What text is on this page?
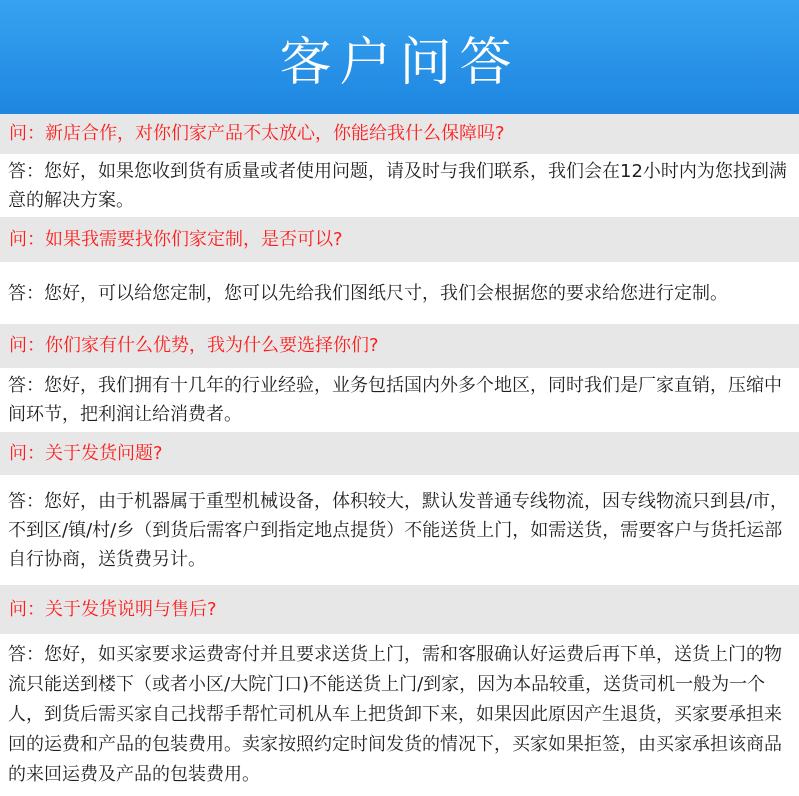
客户问答
问：新店合作，对你们家产品不太放心，你能给我什么保障吗?
答：您好，如果您收到货有质量或者使用问题，请及时与我们联系，我们会在12小时内为您找到满意的解决方案。
问：如果我需要找你们家定制，是否可以?
答：您好，可以给您定制，您可以先给我们图纸尺寸，我们会根据您的要求给您进行定制。
问：你们家有什么优势，我为什么要选择你们?
答：您好，我们拥有十几年的行业经验，业务包括国内外多个地区，同时我们是厂家直销，压缩中间环节，把利润让给消费者。
问：关于发货问题?
答：您好，由于机器属于重型机械设备，体积较大，默认发普通专线物流，因专线物流只到县/市，不到区/镇/村/乡（到货后需客户到指定地点提货）不能送货上门，如需送货，需要客户与货托运部自行协商，送货费另计。
问：关于发货说明与售后?
答：您好，如买家要求运费寄付并且要求送货上门，需和客服确认好运费后再下单，送货上门的物流只能送到楼下（或者小区/大院门口)不能送货上门/到家，因为本品较重，送货司机一般为一个人，到货后需买家自己找帮手帮忙司机从车上把货卸下来，如果因此原因产生退货，买家要承担来回的运费和产品的包装费用。卖家按照约定时间发货的情况下，买家如果拒签，由买家承担该商品的来回运费及产品的包装费用。
